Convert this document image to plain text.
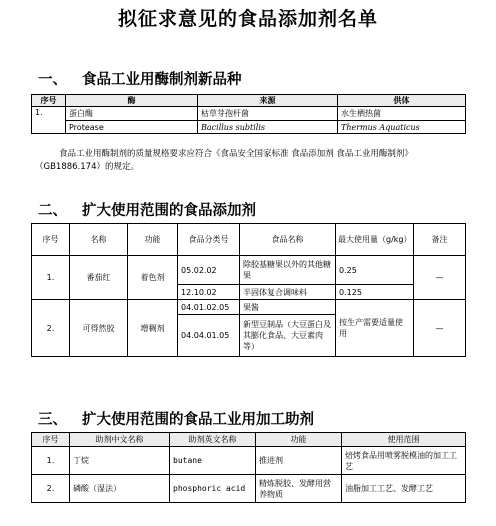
拟征求意见的食品添加剂名单
一、 食品工业用酶制剂新品种
序号	酶	来源	供体
1.	蛋白酶	枯草芽孢杆菌	水生栖热菌
	Protease	Bacillus subtilis	Thermus Aquaticus
食品工业用酶制剂的质量规格要求应符合《食品安全国家标准 食品添加剂 食品工业用酶制剂》（GB1886.174）的规定。
二、 扩大使用范围的食品添加剂
序号	名称	功能	食品分类号	食品名称	最大使用量（g/kg）	备注
1.	番茄红	着色剂	05.02.02	除胶基糖果以外的其他糖果	0.25	—
			12.10.02	半固体复合调味料	0.125	
2.	可得然胶	增稠剂	04.01.02.05	果酱	按生产需要适量使用	—
			04.04.01.05	新型豆制品（大豆蛋白及其膨化食品、大豆素肉等）		
三、 扩大使用范围的食品工业用加工助剂
序号	助剂中文名称	助剂英文名称	功能	使用范围
1.	丁烷	butane	推进剂	焙烤食品用喷雾脱模油的加工工艺
2.	磷酸（湿法）	phosphoric acid	精炼脱胶、发酵用营养物质	油脂加工工艺、发酵工艺
